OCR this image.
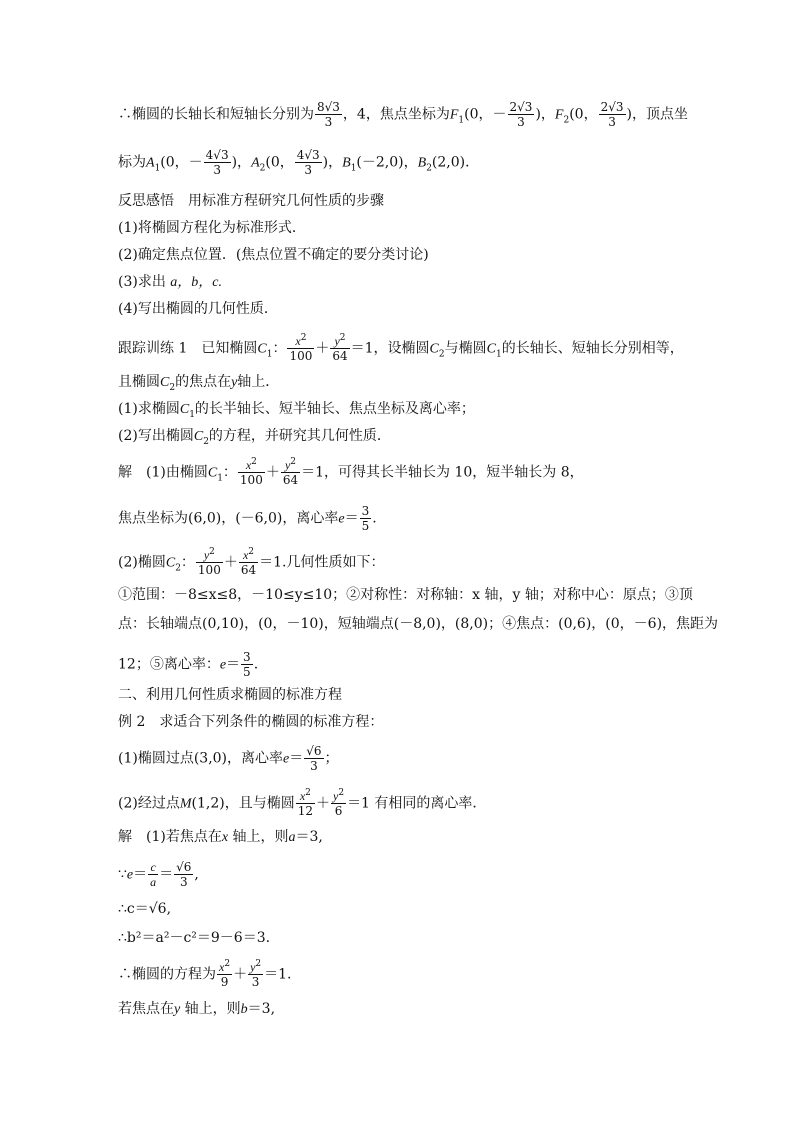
∴椭圆的长轴长和短轴长分别为 $\frac{8√3}{3}$ ，4，焦点坐标为$F_1(0$，－ $\frac{2√3}{3}$ )，$F_2(0$， $\frac{2√3}{3}$ )，顶点坐
标为$A_1(0$，－ $\frac{4√3}{3}$ )，$A_2(0$， $\frac{4√3}{3}$ )，$B_1(-2,0)$，$B_2(2,0)$．
反思感悟　用标准方程研究几何性质的步骤
(1)将椭圆方程化为标准形式．
(2)确定焦点位置．(焦点位置不确定的要分类讨论)
(3)求出 a，b，c.
(4)写出椭圆的几何性质．
跟踪训练 1　已知椭圆$C_1$： $\frac{x^2}{100} + \frac{y^2}{64} =1$，设椭圆$C_2$与椭圆$C_1$的长轴长、短轴长分别相等，
且椭圆$C_2$的焦点在y轴上．
(1)求椭圆$C_1$的长半轴长、短半轴长、焦点坐标及离心率；
(2)写出椭圆$C_2$的方程，并研究其几何性质．
解　(1)由椭圆$C_1$： $\frac{x^2}{100} + \frac{y^2}{64} =1$，可得其长半轴长为 10，短半轴长为 8，
焦点坐标为(6,0)，(－6,0)，离心率$e= \frac{3}{5}$ .
(2)椭圆$C_2$： $\frac{y^2}{100} + \frac{x^2}{64} =1$.几何性质如下：
①范围：－8≤x≤8，－10≤y≤10；②对称性：对称轴：x 轴，y 轴；对称中心：原点；③顶
点：长轴端点(0,10)，(0，－10)，短轴端点(－8,0)，(8,0)；④焦点：(0,6)，(0，－6)，焦距为
12；⑤离心率：$e= \frac{3}{5}$ .
二、利用几何性质求椭圆的标准方程
例 2　求适合下列条件的椭圆的标准方程：
(1)椭圆过点(3,0)，离心率$e= \frac{√6}{3}$ ；
(2)经过点M(1,2)，且与椭圆 $\frac{x^2}{12} + \frac{y^2}{6} =1$ 有相同的离心率．
解　(1)若焦点在x 轴上，则a＝3,
∵e＝ $\frac{c}{a} = \frac{√6}{3}$ ,
∴c＝√6,
∴b²＝a²－c²＝9－6＝3.
∴椭圆的方程为 $\frac{x^2}{9} + \frac{y^2}{3} =1$.
若焦点在y 轴上，则b＝3,
